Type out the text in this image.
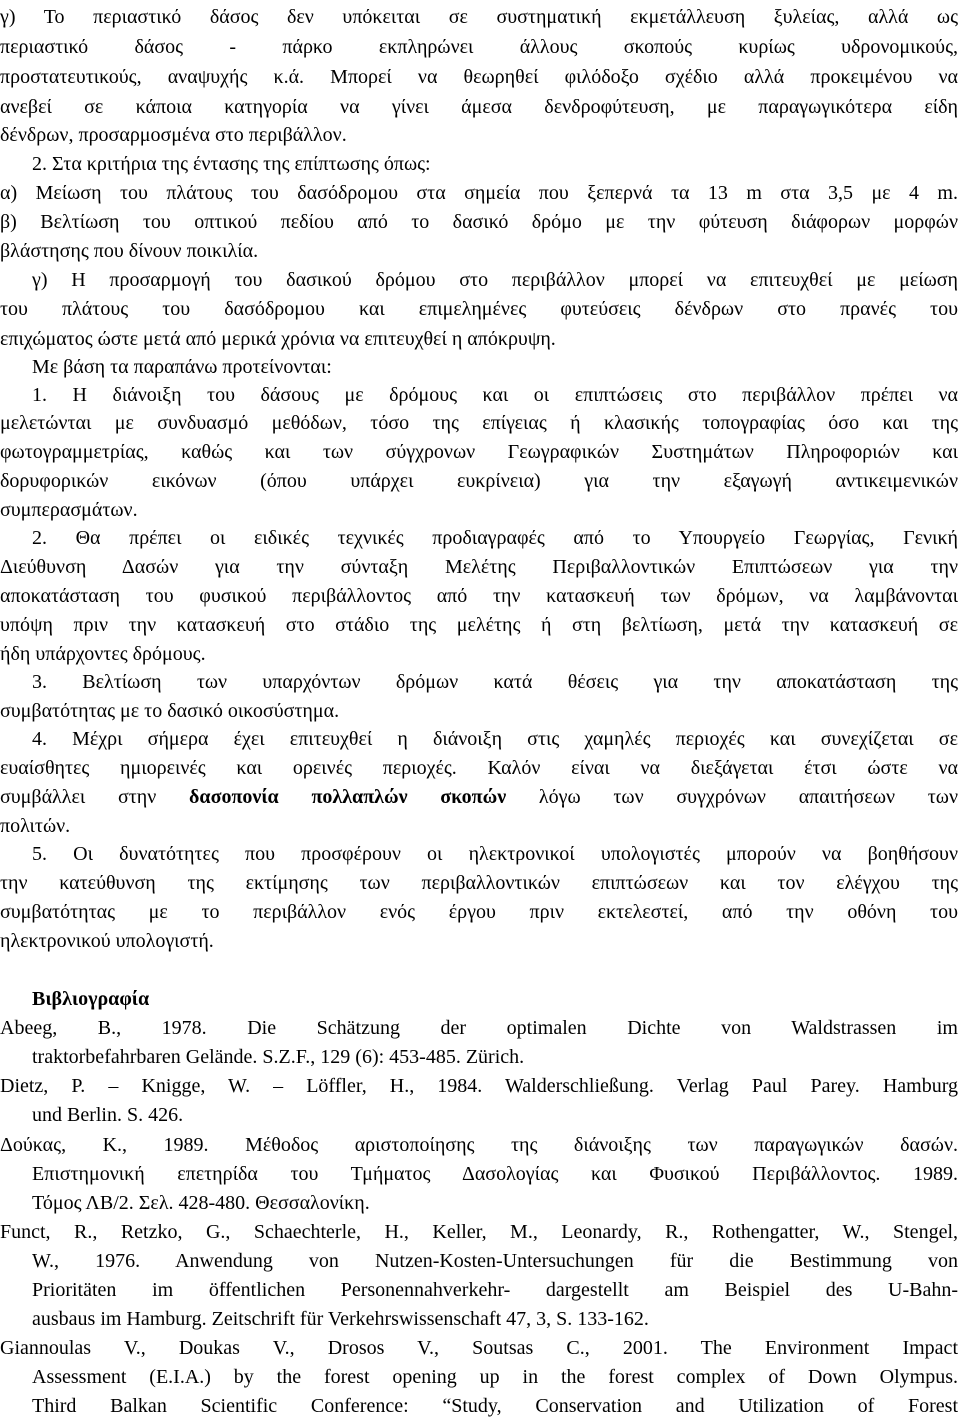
γ) Το περιαστικό δάσος δεν υπόκειται σε συστηματική εκμετάλλευση ξυλείας, αλλά ως
περιαστικό δάσος - πάρκο εκπληρώνει άλλους σκοπούς κυρίως υδρονομικούς,
προστατευτικούς, αναψυχής κ.ά. Μπορεί να θεωρηθεί φιλόδοξο σχέδιο αλλά προκειμένου να
ανεβεί σε κάποια κατηγορία να γίνει άμεσα δενδροφύτευση, με παραγωγικότερα είδη
δένδρων, προσαρμοσμένα στο περιβάλλον.
2. Στα κριτήρια της έντασης της επίπτωσης όπως:
α) Μείωση του πλάτους του δασόδρομου στα σημεία που ξεπερνά τα 13 m στα 3,5 με 4 m.
β) Βελτίωση του οπτικού πεδίου από το δασικό δρόμο με την φύτευση διάφορων μορφών
βλάστησης που δίνουν ποικιλία.
γ) Η προσαρμογή του δασικού δρόμου στο περιβάλλον μπορεί να επιτευχθεί με μείωση
του πλάτους του δασόδρομου και επιμελημένες φυτεύσεις δένδρων στο πρανές του
επιχώματος ώστε μετά από μερικά χρόνια να επιτευχθεί η απόκρυψη.
Με βάση τα παραπάνω προτείνονται:
1. Η διάνοιξη του δάσους με δρόμους και οι επιπτώσεις στο περιβάλλον πρέπει να
μελετώνται με συνδυασμό μεθόδων, τόσο της επίγειας ή κλασικής τοπογραφίας όσο και της
φωτογραμμετρίας, καθώς και των σύγχρονων Γεωγραφικών Συστημάτων Πληροφοριών και
δορυφορικών εικόνων (όπου υπάρχει ευκρίνεια) για την εξαγωγή αντικειμενικών
συμπερασμάτων.
2. Θα πρέπει οι ειδικές τεχνικές προδιαγραφές από το Υπουργείο Γεωργίας, Γενική
Διεύθυνση Δασών για την σύνταξη Μελέτης Περιβαλλοντικών Επιπτώσεων για την
αποκατάσταση του φυσικού περιβάλλοντος από την κατασκευή των δρόμων, να λαμβάνονται
υπόψη πριν την κατασκευή στο στάδιο της μελέτης ή στη βελτίωση, μετά την κατασκευή σε
ήδη υπάρχοντες δρόμους.
3. Βελτίωση των υπαρχόντων δρόμων κατά θέσεις για την αποκατάσταση της
συμβατότητας με το δασικό οικοσύστημα.
4. Μέχρι σήμερα έχει επιτευχθεί η διάνοιξη στις χαμηλές περιοχές και συνεχίζεται σε
ευαίσθητες ημιορεινές και ορεινές περιοχές. Καλόν είναι να διεξάγεται έτσι ώστε να
συμβάλλει στην δασοπονία πολλαπλών σκοπών λόγω των συγχρόνων απαιτήσεων των
πολιτών.
5. Οι δυνατότητες που προσφέρουν οι ηλεκτρονικοί υπολογιστές μπορούν να βοηθήσουν
την κατεύθυνση της εκτίμησης των περιβαλλοντικών επιπτώσεων και τον ελέγχου της
συμβατότητας με το περιβάλλον ενός έργου πριν εκτελεστεί, από την οθόνη του
ηλεκτρονικού υπολογιστή.
Βιβλιογραφία
Abeeg, B., 1978. Die Schätzung der optimalen Dichte von Waldstrassen im
traktorbefahrbaren Gelände. S.Z.F., 129 (6): 453-485. Zürich.
Dietz, P. – Knigge, W. – Löffler, H., 1984. Walderschließung. Verlag Paul Parey. Hamburg
und Berlin. S. 426.
Δούκας, Κ., 1989. Μέθοδος αριστοποίησης της διάνοιξης των παραγωγικών δασών.
Επιστημονική επετηρίδα του Τμήματος Δασολογίας και Φυσικού Περιβάλλοντος. 1989.
Τόμος ΛΒ/2. Σελ. 428-480. Θεσσαλονίκη.
Funct, R., Retzko, G., Schaechterle, H., Keller, M., Leonardy, R., Rothengatter, W., Stengel,
W., 1976. Anwendung von Nutzen-Kosten-Untersuchungen für die Bestimmung von
Prioritäten im öffentlichen Personennahverkehr- dargestellt am Beispiel des U-Bahn-
ausbaus im Hamburg. Zeitschrift für Verkehrswissenschaft 47, 3, S. 133-162.
Giannoulas V., Doukas V., Drosos V., Soutsas C., 2001. The Environment Impact
Assessment (E.I.A.) by the forest opening up in the forest complex of Down Olympus.
Third Balkan Scientific Conference: “Study, Conservation and Utilization of Forest
